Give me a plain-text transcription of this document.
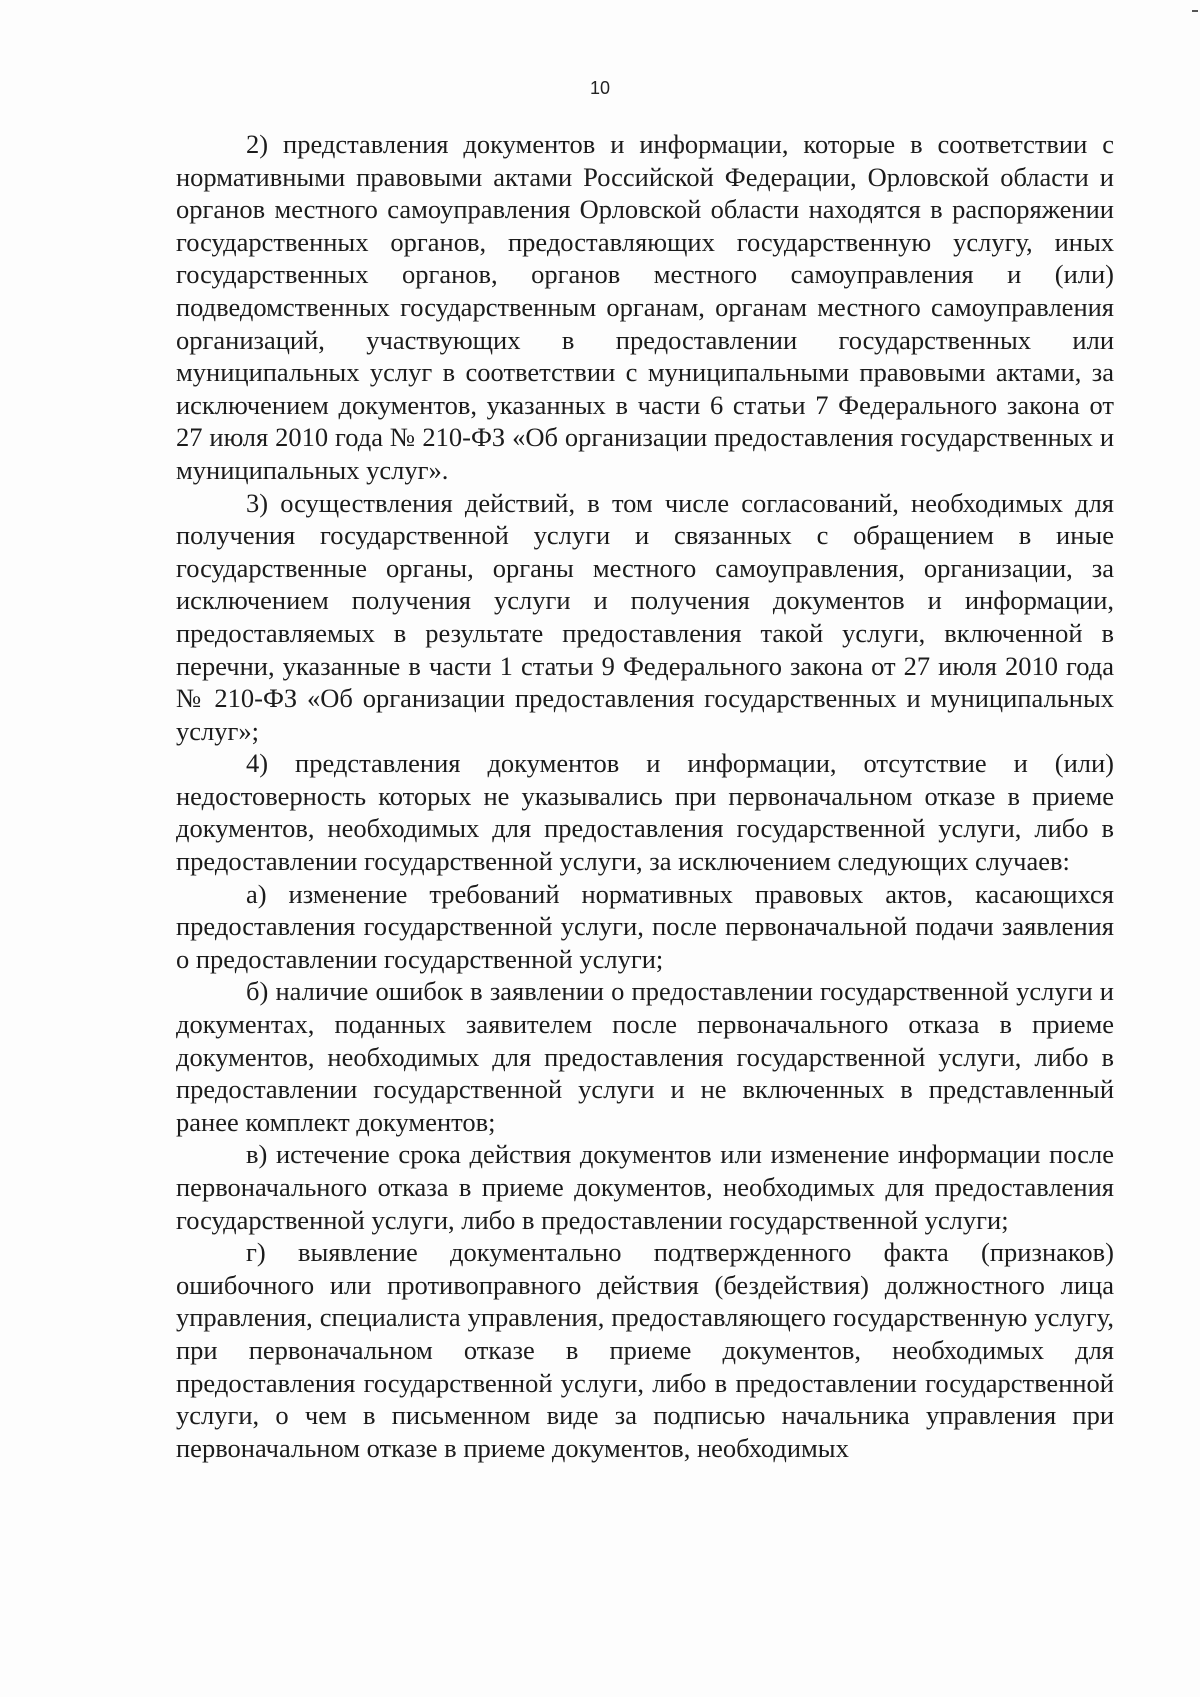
10

2) представления документов и информации, которые в соответствии с нормативными правовыми актами Российской Федерации, Орловской области и органов местного самоуправления Орловской области находятся в распоряжении государственных органов, предоставляющих государственную услугу, иных государственных органов, органов местного самоуправления и (или) подведомственных государственным органам, органам местного самоуправления организаций, участвующих в предоставлении государственных или муниципальных услуг в соответствии с муниципальными правовыми актами, за исключением документов, указанных в части 6 статьи 7 Федерального закона от 27 июля 2010 года № 210-ФЗ «Об организации предоставления государственных и муниципальных услуг».

3) осуществления действий, в том числе согласований, необходимых для получения государственной услуги и связанных с обращением в иные государственные органы, органы местного самоуправления, организации, за исключением получения услуги и получения документов и информации, предоставляемых в результате предоставления такой услуги, включенной в перечни, указанные в части 1 статьи 9 Федерального закона от 27 июля 2010 года № 210-ФЗ «Об организации предоставления государственных и муниципальных услуг»;

4) представления документов и информации, отсутствие и (или) недостоверность которых не указывались при первоначальном отказе в приеме документов, необходимых для предоставления государственной услуги, либо в предоставлении государственной услуги, за исключением следующих случаев:

а) изменение требований нормативных правовых актов, касающихся предоставления государственной услуги, после первоначальной подачи заявления о предоставлении государственной услуги;

б) наличие ошибок в заявлении о предоставлении государственной услуги и документах, поданных заявителем после первоначального отказа в приеме документов, необходимых для предоставления государственной услуги, либо в предоставлении государственной услуги и не включенных в представленный ранее комплект документов;

в) истечение срока действия документов или изменение информации после первоначального отказа в приеме документов, необходимых для предоставления государственной услуги, либо в предоставлении государственной услуги;

г) выявление документально подтвержденного факта (признаков) ошибочного или противоправного действия (бездействия) должностного лица управления, специалиста управления, предоставляющего государственную услугу, при первоначальном отказе в приеме документов, необходимых для предоставления государственной услуги, либо в предоставлении государственной услуги, о чем в письменном виде за подписью начальника управления при первоначальном отказе в приеме документов, необходимых
